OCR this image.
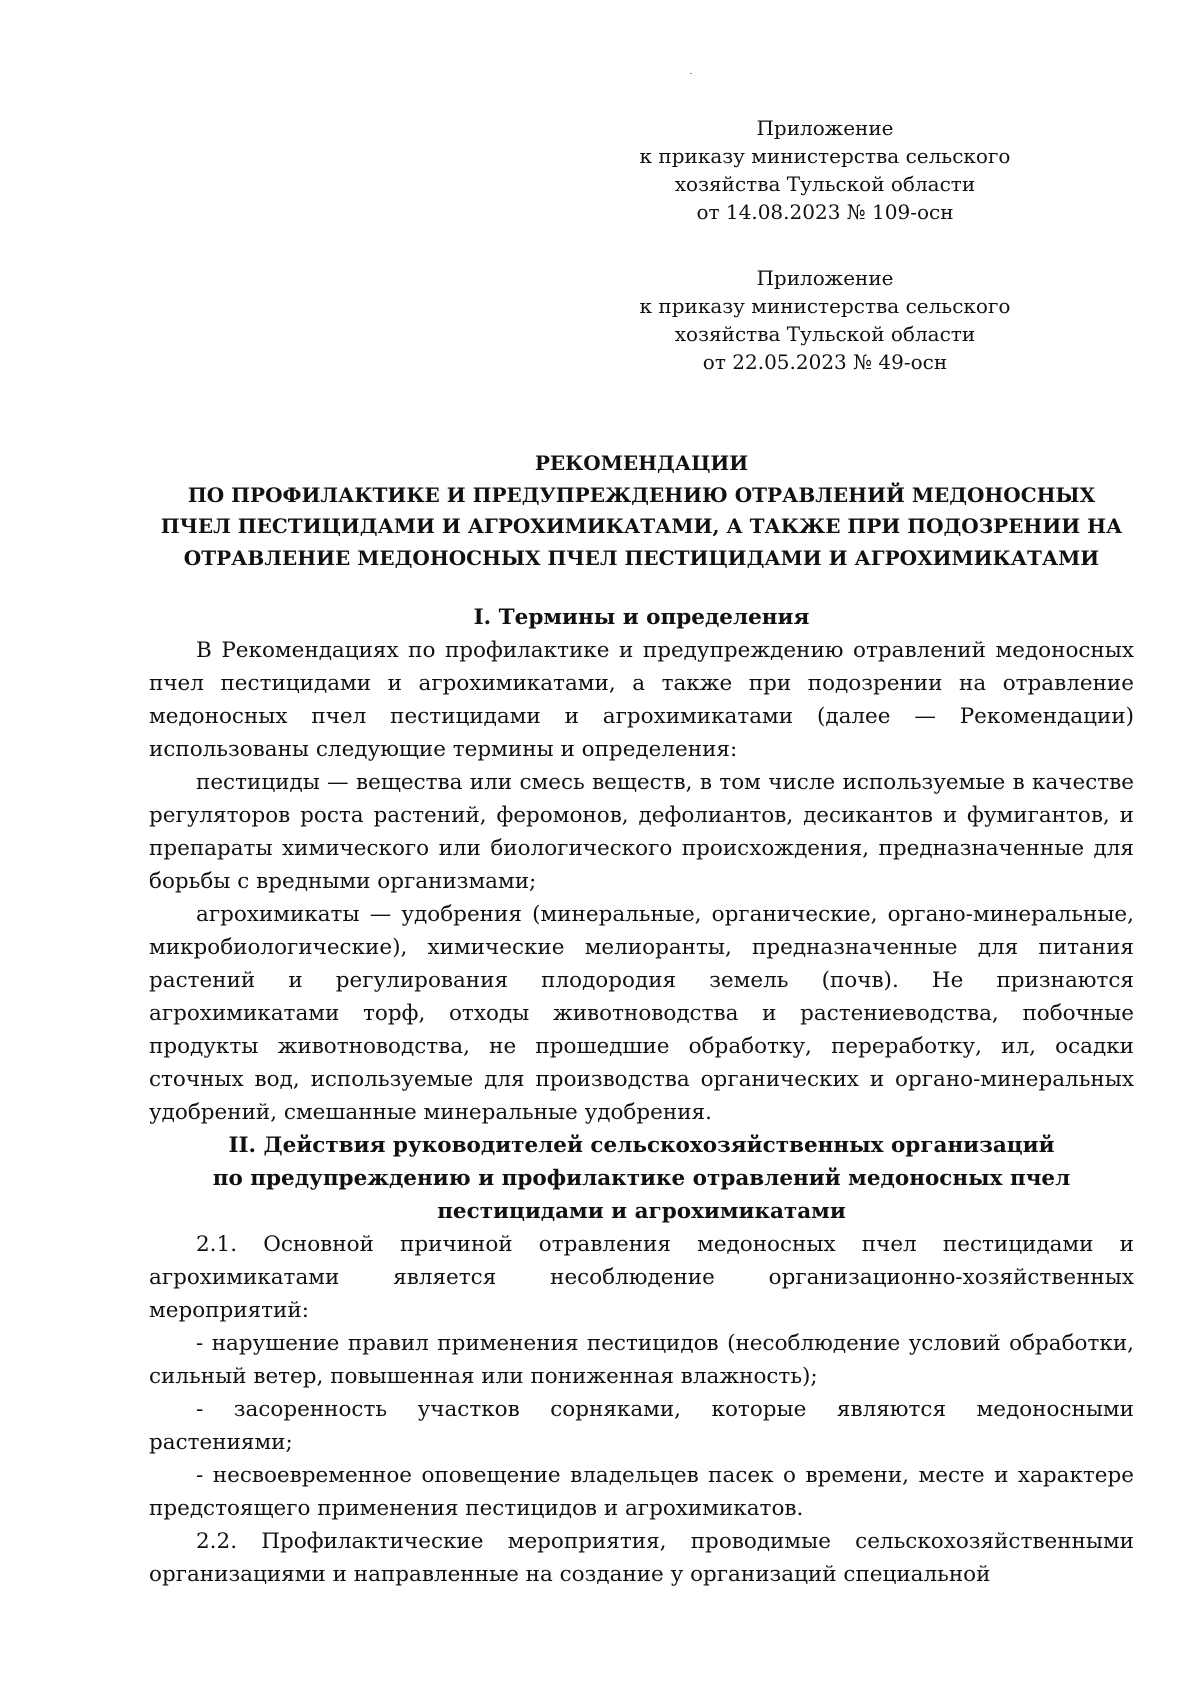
Приложение
к приказу министерства сельского
хозяйства Тульской области
от 14.08.2023 № 109-осн
Приложение
к приказу министерства сельского
хозяйства Тульской области
от 22.05.2023 № 49-осн
РЕКОМЕНДАЦИИ
ПО ПРОФИЛАКТИКЕ И ПРЕДУПРЕЖДЕНИЮ ОТРАВЛЕНИЙ МЕДОНОСНЫХ
ПЧЕЛ ПЕСТИЦИДАМИ И АГРОХИМИКАТАМИ, А ТАКЖЕ ПРИ ПОДОЗРЕНИИ НА
ОТРАВЛЕНИЕ МЕДОНОСНЫХ ПЧЕЛ ПЕСТИЦИДАМИ И АГРОХИМИКАТАМИ
I. Термины и определения

В Рекомендациях по профилактике и предупреждению отравлений медоносных пчел пестицидами и агрохимикатами, а также при подозрении на отравление медоносных пчел пестицидами и агрохимикатами (далее — Рекомендации) использованы следующие термины и определения:

пестициды — вещества или смесь веществ, в том числе используемые в качестве регуляторов роста растений, феромонов, дефолиантов, десикантов и фумигантов, и препараты химического или биологического происхождения, предназначенные для борьбы с вредными организмами;

агрохимикаты — удобрения (минеральные, органические, органо-минеральные, микробиологические), химические мелиоранты, предназначенные для питания растений и регулирования плодородия земель (почв). Не признаются агрохимикатами торф, отходы животноводства и растениеводства, побочные продукты животноводства, не прошедшие обработку, переработку, ил, осадки сточных вод, используемые для производства органических и органо-минеральных удобрений, смешанные минеральные удобрения.

II. Действия руководителей сельскохозяйственных организаций
по предупреждению и профилактике отравлений медоносных пчел
пестицидами и агрохимикатами

2.1. Основной причиной отравления медоносных пчел пестицидами и агрохимикатами является несоблюдение организационно-хозяйственных мероприятий:

- нарушение правил применения пестицидов (несоблюдение условий обработки, сильный ветер, повышенная или пониженная влажность);

- засоренность участков сорняками, которые являются медоносными растениями;

- несвоевременное оповещение владельцев пасек о времени, месте и характере предстоящего применения пестицидов и агрохимикатов.

2.2. Профилактические мероприятия, проводимые сельскохозяйственными организациями и направленные на создание у организаций специальной
